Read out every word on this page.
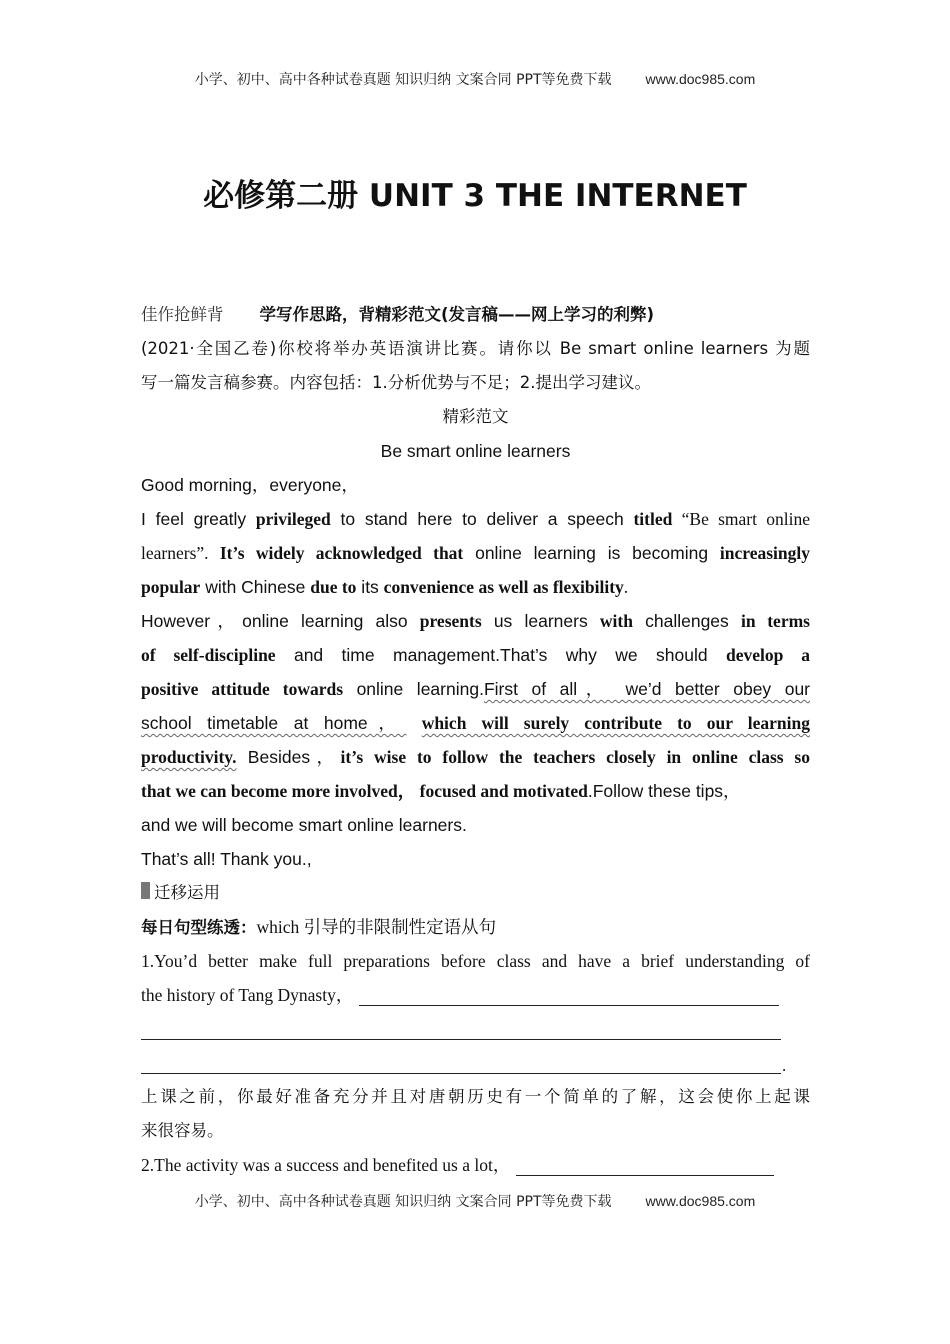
小学、初中、高中各种试卷真题 知识归纳 文案合同 PPT等免费下载 www.doc985.com
必修第二册 UNIT 3 THE INTERNET
佳作抢鲜背 学写作思路，背精彩范文(发言稿——网上学习的利弊)
(2021·全国乙卷)你校将举办英语演讲比赛。请你以 Be smart online learners 为题
写一篇发言稿参赛。内容包括：1.分析优势与不足；2.提出学习建议。
精彩范文
Be smart online learners
Good morning，everyone，
I feel greatly privileged to stand here to deliver a speech titled “Be smart online
learners”. It’s widely acknowledged that online learning is becoming increasingly
popular with Chinese due to its convenience as well as flexibility.
However，online learning also presents us learners with challenges in terms
of self-discipline and time management.That’s why we should develop a
positive attitude towards online learning.First of all， we’d better obey our
school timetable at home， which will surely contribute to our learning
productivity. Besides，it’s wise to follow the teachers closely in online class so
that we can become more involved， focused and motivated.Follow these tips，
and we will become smart online learners.
That’s all! Thank you.,
迁移运用
每日句型练透：which 引导的非限制性定语从句
1.You’d better make full preparations before class and have a brief understanding of
the history of Tang Dynasty，
.
上课之前，你最好准备充分并且对唐朝历史有一个简单的了解，这会使你上起课
来很容易。
2.The activity was a success and benefited us a lot，
小学、初中、高中各种试卷真题 知识归纳 文案合同 PPT等免费下载 www.doc985.com
